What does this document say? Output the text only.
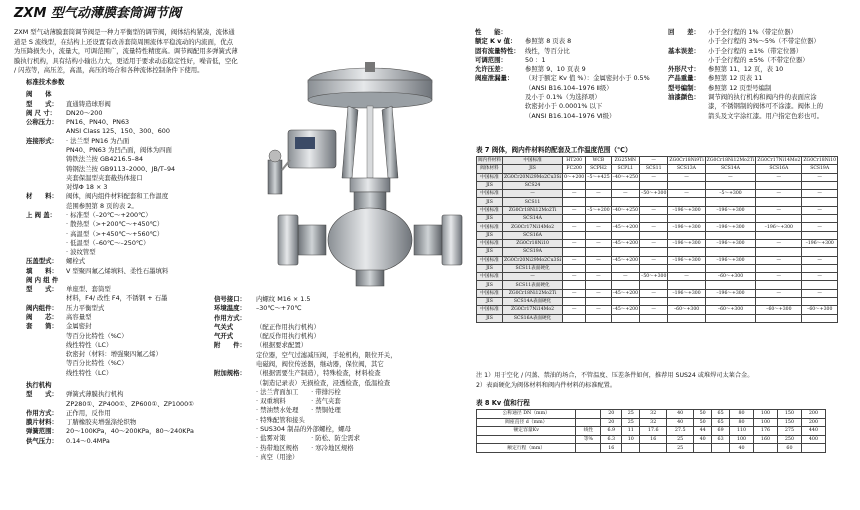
ZXM 型气动薄膜套筒调节阀
ZXM 型气动薄膜套筒调节阀是一种力平衡型的调节阀，阀体结构紧凑，流体通道是 S 流线型，在结构上还设置有改善套筒周围流体平稳流动的内流面，优点为压降损失小，流量大，可调范围广，流量特性精度高。调节阀配用多弹簧式薄膜执行机构，具有结构小输出力大，更适用于要求动态稳定性好，噪音低，空化 / 闪蒸等，高压差，高温，高压的场合和各种流体控制条件下使用。
标准技术参数
阀　　体
型　　式：	直通铸造球形阀
阀 尺 寸：	DN20～200
公称压力：	PN16、PN40、PN63
ANSI Class 125、150、300、600
连接形式：	· 法兰型 PN16 为凸面
PN40、PN63 为凹凸面，阀体为四面
铸铁法兰按 GB4216.5–84
铸钢法兰按 GB9113–2000、JB/T–94
夹套保温型夹套截热体接口
对焊Φ 18 × 3
材　　料：	阀体，阀内组件材料配套和工作温度
范围参照第 8 页的表 2。
上 阀 盖：	· 标准型（–20℃～+200℃）
· 散热型（>+200℃～+450℃）
· 高温型（>+450℃～+560℃）
· 低温型（–60℃～–250℃）
· 波纹管型
压盖型式：	螺栓式
填　　料：	V 型聚四氟乙烯填料、柔性石墨填料
阀 内 组 件
型　　式：	单座型、套筒型
材料，F4/ 改性 F4，不锈钢 + 石墨
阀内组件：	压力平衡型式
阀　　芯：	高容量型
套　　筒：	金属密封
等百分比特性（%C）
线性特性（LC）
软密封（材料：增强聚四氟乙烯）
等百分比特性（%C）
线性特性（LC）
执行机构
型　　式：	弹簧式薄膜执行机构
ZP280①、ZP400①、ZP600①、ZP1000①
作用方式：	正作用，反作用
膜片材料：	丁腈橡胶夹增强涤纶织物
弹簧范围：	20～100KPa，40～200KPa，80～240KPa
供气压力：	0.14～0.4MPa
信号接口：	内螺纹 M16 × 1.5
环境温度：	–30℃～+70℃
作用方式：
气关式	（配正作用执行机构）
气开式	（配反作用执行机构）
附　　件：	（根据要求配置）
定位器，空气过滤减压阀，手轮机构，限位开关，
电磁阀，阀位传送器，继动器，保位阀，其它
附加规格：	（根据需要生产制造），特殊检查，材料检查
（制造记录表）无损检查，浸透检查，低温检查
· 法兰背面加工　　· 带排污栓
· 双重填料　　　　· 蒸气夹套
· 禁油禁水处理　　· 禁铜处理
· 特殊配管和接头
· SUS304 制品的外部螺栓，螺母
· 盐雾对策　　　　· 防松、防尘需求
· 热带地区规格　　· 寒冷地区规格
· 真空（用途）
性　　能：
额定 K v 值：	参照第 8 页表 8
固有流量特性： 线性，等百分比
可调范围：	50 ：1
允许压差：	参照第 9、10 页表 9
阀座泄漏量：	（对于额定 Kv 值 %）：金属密封小于 0.5%
（ANSI B16.104–1976 Ⅱ级）
及小于 0.1%（为选择项）
软密封小于 0.0001% 以下
（ANSI B16.104–1976 Ⅵ级）
回　　差：	小于全行程的 1%（带定位器）
小于全行程的 3%～5%（不带定位器）
基本误差：	小于全行程的 ±1%（带定位器）
小于全行程的 ±5%（不带定位器）
外形尺寸：	参照第 11、12 页，表 10
产品重量：	参照第 12 页表 11
型号编制：	参照第 12 页型号编制
油漆颜色：	调节阀的执行机构和阀内件的表面应涂
漆，不锈钢制的阀体可不涂漆。阀体上的
箭头及文字涂红漆。用户指定色彩也可。
表 7 阀体，阀内件材料的配套及工作温度范围（℃）
阀内件材料	中国标准	HT200	WCB	ZG25MN	—	ZG0Cr18Ni9Ti	ZG0Cr18Ni12Mo2Ti	ZG0Cr17Ni14Mo2	ZG0Cr18Ni10
阀体材料	JIS	FC200	SCPH2	SCPL1	SCS11	SCS13A	SCS14A	SCS16A	SCS19A
中国标准	ZG0Cr20Ni29Mo2Cu3Si	0～+200	–5～+425	–40～+250	—	—	—	—	—
JIS	SCS24								
中国标准	—	—	—	—	–50～+300	—	–5～+300	—	—
JIS	SCS11								
中国标准	ZG0Cr18Ni12Mo2Ti	—	–5～+200	–40～+250	—	–196～+300	–196～+300	—	—
JIS	SCS14A								
中国标准	ZG0Cr17Ni14Mo2	—	—	–45～+200	—	–196～+300	–196～+300	–196～+300	—
JIS	SCS16A								
中国标准	ZG0Cr18Ni10	—	—	–45～+200	—	–196～+300	–196～+300	—	–196～+300
JIS	SCS19A								
中国标准	ZG0Cr20Ni29Mo2Cu3Si	—	—	–45～+200	—	–196～+300	–196～+300	—	—
JIS	SCS11表面硬化								
中国标准	—	—	—	—	–50～+300	—	–60～+300	—	—
JIS	SCS11表面硬化								
中国标准	ZG0Cr18Ni12Mo2Ti	—	—	–45～+200	—	–196～+300	–196～+300	—	—
JIS	SCS14A表面硬化								
中国标准	ZG0Cr17Ni14Mo2	—	—	–45～+200	—	–60～+300	–60～+300	–60～+300	–60～+300
JIS	SCS16A表面硬化								
注 1）用于空化 / 闪蒸、禁油的场合，不管温度、压差条件如何，推荐用 SUS24 或堆焊司太莱合金。
2）表面硬化为阀体材料和阀内件材料的标准配置。
表 8 Kv 值和行程
公称通径 DN（mm）		20	25	32	40	50	65	80	100	150	200
阀座直径 d（mm）		20	25	32	40	50	65	80	100	150	200
额定容量Kv	线性	6.9	11	17.6	27.5	44	69	110	176	275	440
	等%	6.3	10	16	25	40	63	100	160	250	400
额定行程（mm）		16			25			40		60	
